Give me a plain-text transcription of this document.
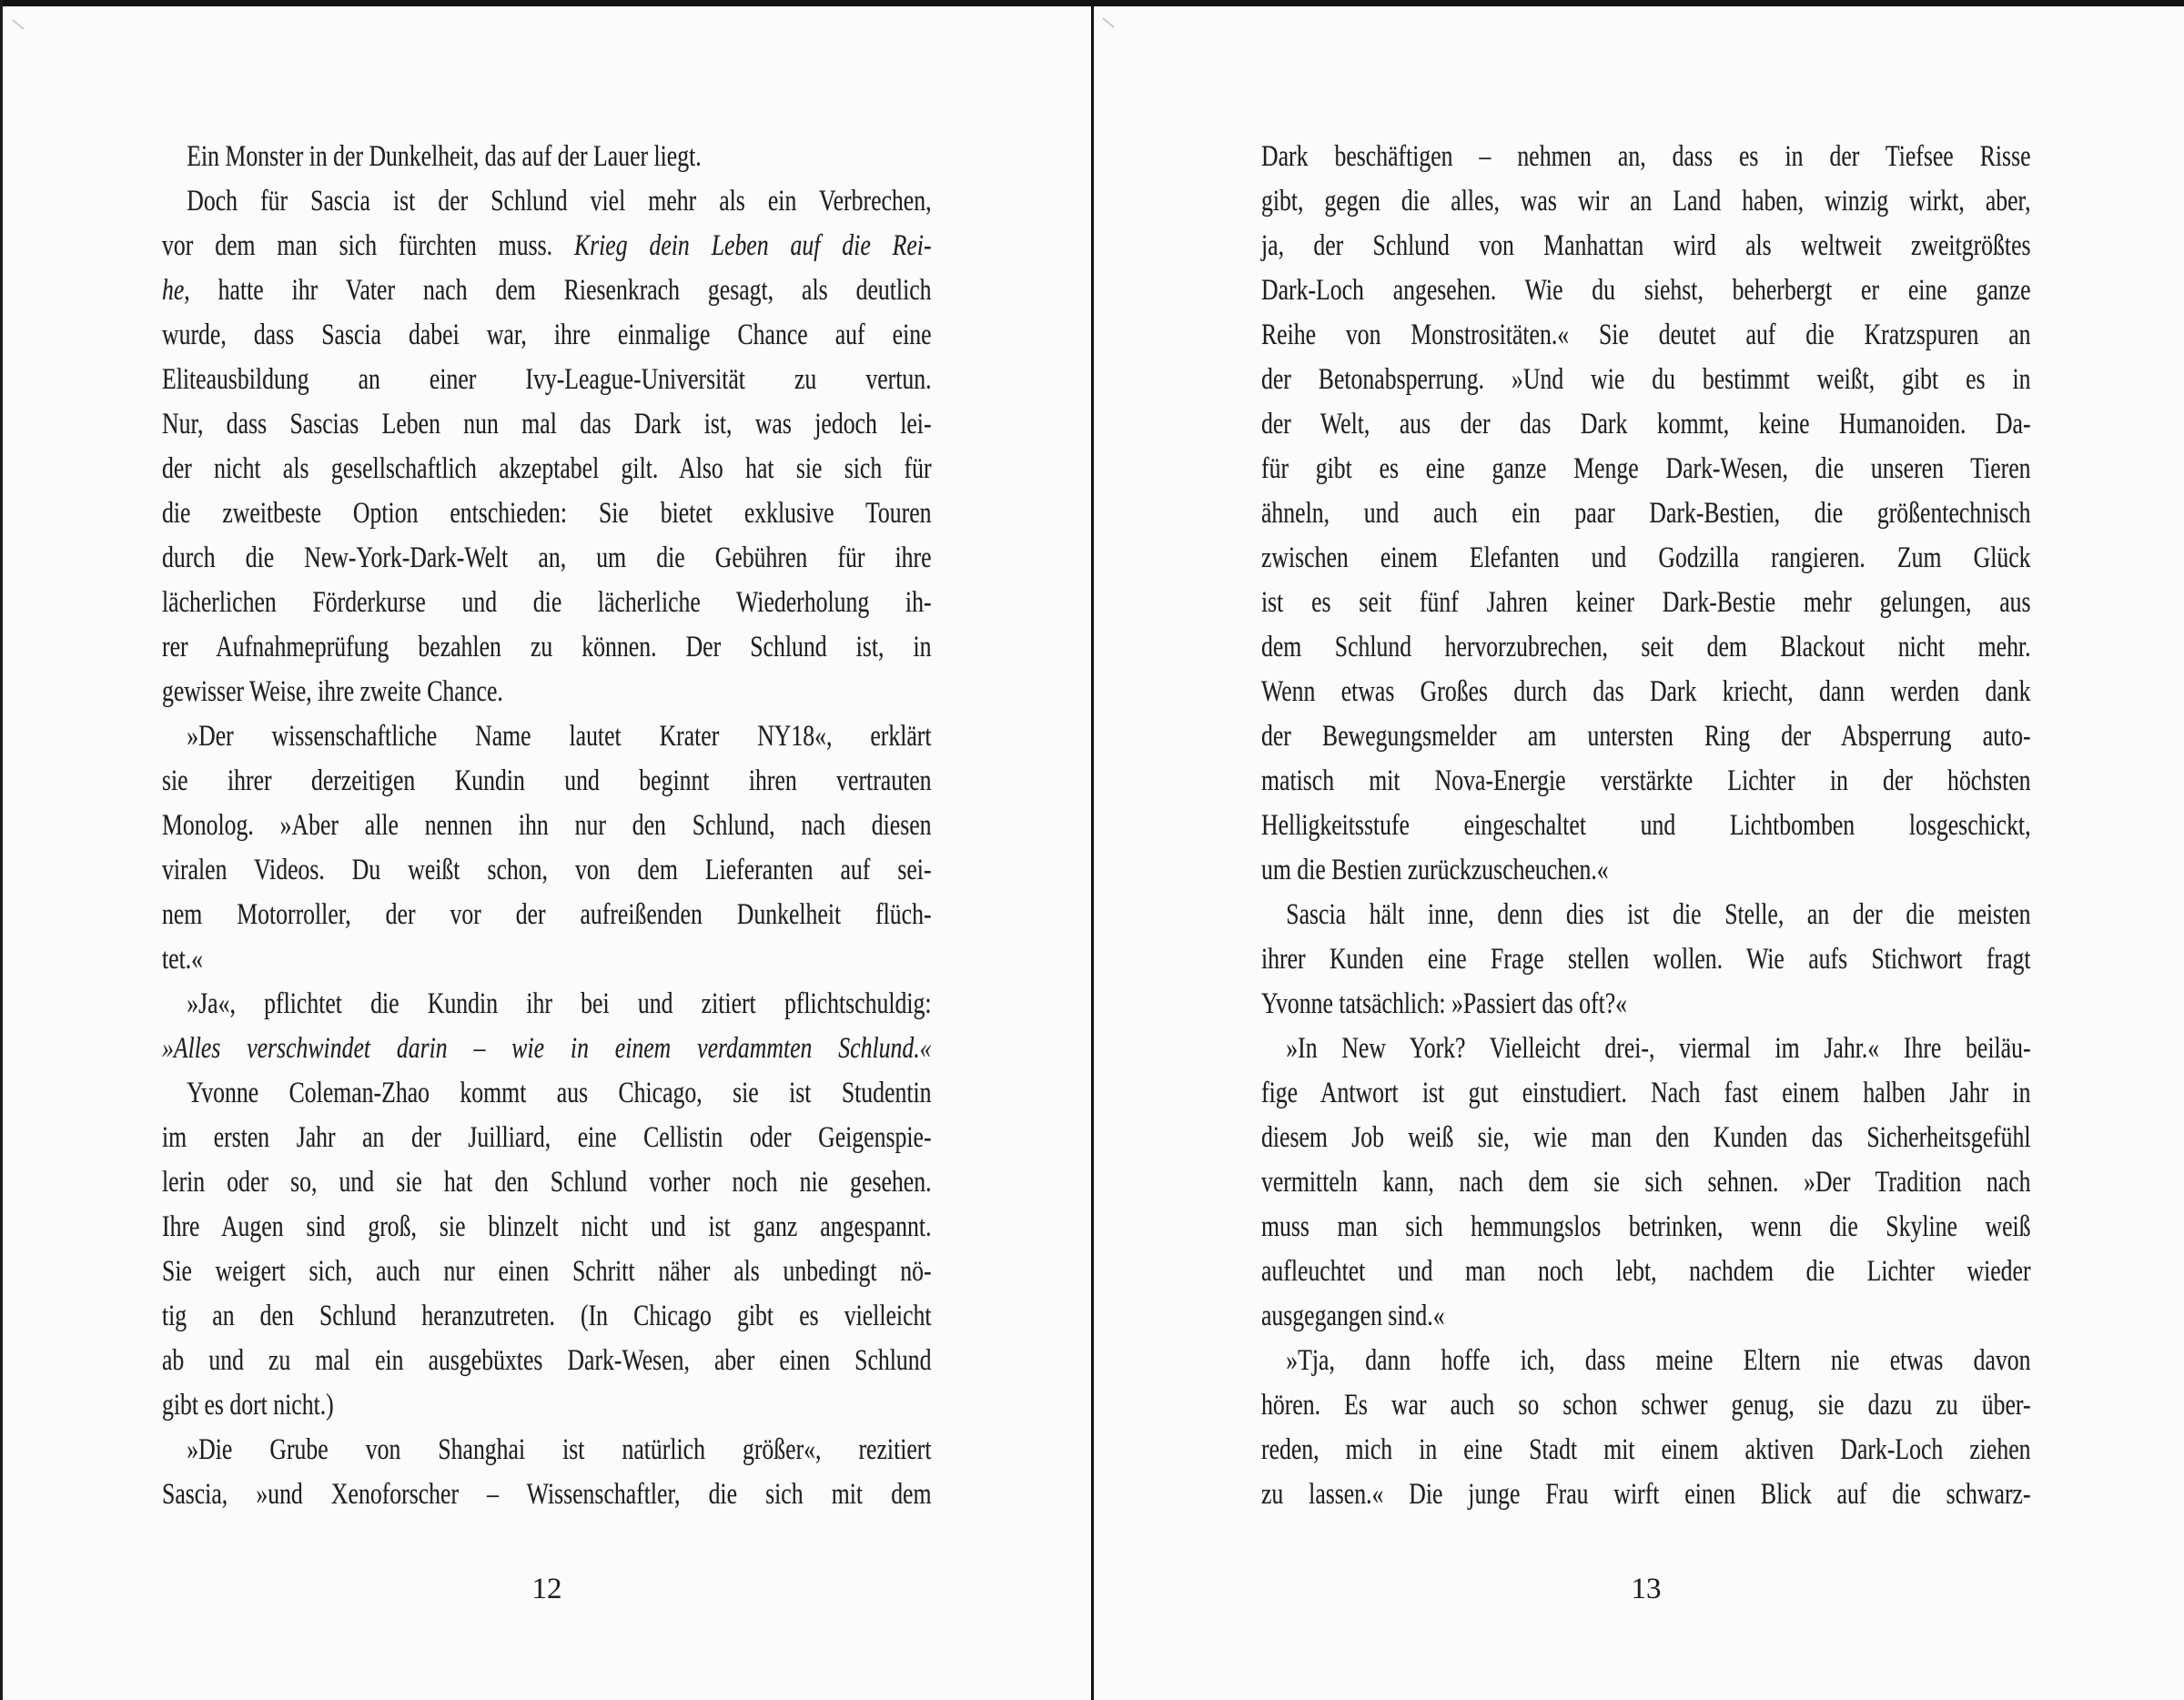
Ein Monster in der Dunkelheit, das auf der Lauer liegt.
Doch für Sascia ist der Schlund viel mehr als ein Verbrechen,
vor dem man sich fürchten muss. Krieg dein Leben auf die Rei-
he, hatte ihr Vater nach dem Riesenkrach gesagt, als deutlich
wurde, dass Sascia dabei war, ihre einmalige Chance auf eine
Eliteausbildung an einer Ivy-League-Universität zu vertun.
Nur, dass Sascias Leben nun mal das Dark ist, was jedoch lei-
der nicht als gesellschaftlich akzeptabel gilt. Also hat sie sich für
die zweitbeste Option entschieden: Sie bietet exklusive Touren
durch die New-York-Dark-Welt an, um die Gebühren für ihre
lächerlichen Förderkurse und die lächerliche Wiederholung ih-
rer Aufnahmeprüfung bezahlen zu können. Der Schlund ist, in
gewisser Weise, ihre zweite Chance.
»Der wissenschaftliche Name lautet Krater NY18«, erklärt
sie ihrer derzeitigen Kundin und beginnt ihren vertrauten
Monolog. »Aber alle nennen ihn nur den Schlund, nach diesen
viralen Videos. Du weißt schon, von dem Lieferanten auf sei-
nem Motorroller, der vor der aufreißenden Dunkelheit flüch-
tet.«
»Ja«, pflichtet die Kundin ihr bei und zitiert pflichtschuldig:
»Alles verschwindet darin – wie in einem verdammten Schlund.«
Yvonne Coleman-Zhao kommt aus Chicago, sie ist Studentin
im ersten Jahr an der Juilliard, eine Cellistin oder Geigenspie-
lerin oder so, und sie hat den Schlund vorher noch nie gesehen.
Ihre Augen sind groß, sie blinzelt nicht und ist ganz angespannt.
Sie weigert sich, auch nur einen Schritt näher als unbedingt nö-
tig an den Schlund heranzutreten. (In Chicago gibt es vielleicht
ab und zu mal ein ausgebüxtes Dark-Wesen, aber einen Schlund
gibt es dort nicht.)
»Die Grube von Shanghai ist natürlich größer«, rezitiert
Sascia, »und Xenoforscher – Wissenschaftler, die sich mit dem
Dark beschäftigen – nehmen an, dass es in der Tiefsee Risse
gibt, gegen die alles, was wir an Land haben, winzig wirkt, aber,
ja, der Schlund von Manhattan wird als weltweit zweitgrößtes
Dark-Loch angesehen. Wie du siehst, beherbergt er eine ganze
Reihe von Monstrositäten.« Sie deutet auf die Kratzspuren an
der Betonabsperrung. »Und wie du bestimmt weißt, gibt es in
der Welt, aus der das Dark kommt, keine Humanoiden. Da-
für gibt es eine ganze Menge Dark-Wesen, die unseren Tieren
ähneln, und auch ein paar Dark-Bestien, die größentechnisch
zwischen einem Elefanten und Godzilla rangieren. Zum Glück
ist es seit fünf Jahren keiner Dark-Bestie mehr gelungen, aus
dem Schlund hervorzubrechen, seit dem Blackout nicht mehr.
Wenn etwas Großes durch das Dark kriecht, dann werden dank
der Bewegungsmelder am untersten Ring der Absperrung auto-
matisch mit Nova-Energie verstärkte Lichter in der höchsten
Helligkeitsstufe eingeschaltet und Lichtbomben losgeschickt,
um die Bestien zurückzuscheuchen.«
Sascia hält inne, denn dies ist die Stelle, an der die meisten
ihrer Kunden eine Frage stellen wollen. Wie aufs Stichwort fragt
Yvonne tatsächlich: »Passiert das oft?«
»In New York? Vielleicht drei-, viermal im Jahr.« Ihre beiläu-
fige Antwort ist gut einstudiert. Nach fast einem halben Jahr in
diesem Job weiß sie, wie man den Kunden das Sicherheitsgefühl
vermitteln kann, nach dem sie sich sehnen. »Der Tradition nach
muss man sich hemmungslos betrinken, wenn die Skyline weiß
aufleuchtet und man noch lebt, nachdem die Lichter wieder
ausgegangen sind.«
»Tja, dann hoffe ich, dass meine Eltern nie etwas davon
hören. Es war auch so schon schwer genug, sie dazu zu über-
reden, mich in eine Stadt mit einem aktiven Dark-Loch ziehen
zu lassen.« Die junge Frau wirft einen Blick auf die schwarz-
12	13
